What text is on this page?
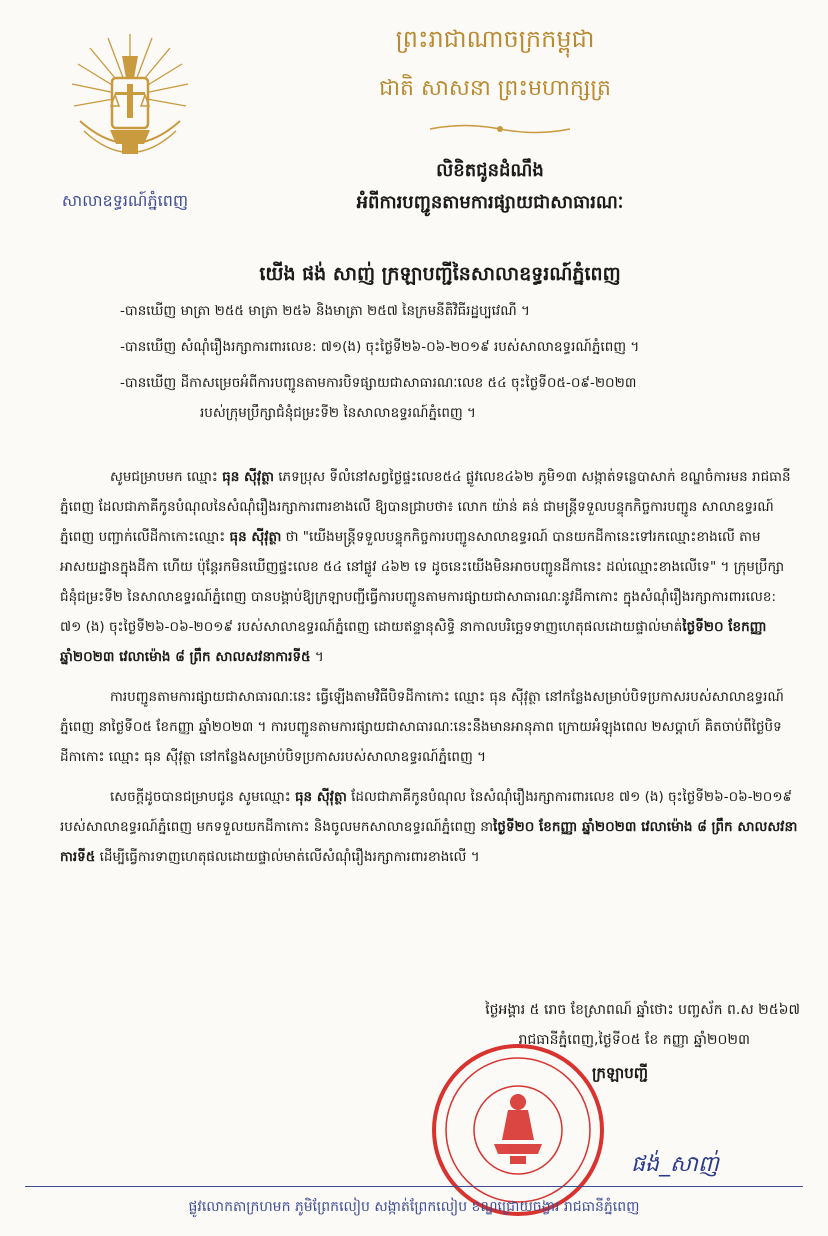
សាលាឧទ្ធរណ៍ភ្នំពេញ
ព្រះរាជាណាចក្រកម្ពុជា
ជាតិ សាសនា ព្រះមហាក្សត្រ
លិខិតជូនដំណឹង
អំពីការបញ្ជូនតាមការផ្សាយជាសាធារណៈ
យើង ផង់ សាញ់ ក្រឡាបញ្ជីនៃសាលាឧទ្ធរណ៍ភ្នំពេញ
-បានឃើញ មាត្រា ២៥៥ មាត្រា ២៥៦ និងមាត្រា ២៥៧ នៃក្រមនីតិវិធីរដ្ឋប្បវេណី ។
-បានឃើញ សំណុំរឿងរក្សាការពារលេខ: ៧១(ង) ចុះថ្ងៃទី២៦-០៦-២០១៩ របស់សាលាឧទ្ធរណ៍ភ្នំពេញ ។
-បានឃើញ ដីកាសម្រេចអំពីការបញ្ជូនតាមការបិទផ្សាយជាសាធារណៈលេខ ៥៤ ចុះថ្ងៃទី០៥-០៩-២០២៣
របស់ក្រុមប្រឹក្សាជំនុំជម្រះទី២ នៃសាលាឧទ្ធរណ៍ភ្នំពេញ ។

សូមជម្រាបមក ឈ្មោះ ធុន ស៊ីវុត្ថា ភេទប្រុស ទីលំនៅសព្វថ្ងៃផ្ទះលេខ៥៤ ផ្លូវលេខ៤៦២ ភូមិ១៣ សង្កាត់ទន្លេបាសាក់ ខណ្ឌចំការមន រាជធានីភ្នំពេញ ដែលជាភាគីកូនបំណុលនៃសំណុំរឿងរក្សាការពារខាងលើ ឱ្យបានជ្រាបថា៖ លោក យ៉ាន់ គន់ ជាមន្ត្រីទទួលបន្ទុកកិច្ចការបញ្ជូន សាលាឧទ្ធរណ៍ភ្នំពេញ បញ្ជាក់លើដីកាកោះឈ្មោះ ធុន ស៊ីវុត្ថា ថា "យើងមន្ត្រីទទួលបន្ទុកកិច្ចការបញ្ជូនសាលាឧទ្ធរណ៍ បានយកដីកានេះទៅរកឈ្មោះខាងលើ តាមអាសយដ្ឋានក្នុងដីកា ហើយ ប៉ុន្តែរកមិនឃើញផ្ទះលេខ ៥៤ នៅផ្លូវ ៤៦២ ទេ ដូចនេះយើងមិនអាចបញ្ជូនដីកានេះ ដល់ឈ្មោះខាងលើទេ" ។ ក្រុមប្រឹក្សាជំនុំជម្រះទី២ នៃសាលាឧទ្ធរណ៍ភ្នំពេញ បានបង្គាប់ឱ្យក្រឡាបញ្ជីធ្វើការបញ្ជូនតាមការផ្សាយជាសាធារណៈនូវដីកាកោះ ក្នុងសំណុំរឿងរក្សាការពារលេខ: ៧១ (ង) ចុះថ្ងៃទី២៦-០៦-២០១៩ របស់សាលាឧទ្ធរណ៍ភ្នំពេញ ដោយឥន្ទានុសិទ្ធិ នាកាលបរិច្ឆេទទាញហេតុផលដោយផ្ទាល់មាត់ថ្ងៃទី២០ ខែកញ្ញា ឆ្នាំ២០២៣ វេលាម៉ោង ៨ ព្រឹក សាលសវនាការទី៥ ។

ការបញ្ជូនតាមការផ្សាយជាសាធារណៈនេះ ធ្វើឡើងតាមវិធីបិទដីកាកោះ ឈ្មោះ ធុន ស៊ីវុត្ថា នៅកន្លែងសម្រាប់បិទប្រកាសរបស់សាលាឧទ្ធរណ៍ភ្នំពេញ នាថ្ងៃទី០៥ ខែកញ្ញា ឆ្នាំ២០២៣ ។ ការបញ្ជូនតាមការផ្សាយជាសាធារណៈនេះនឹងមានអានុភាព ក្រោយអំឡុងពេល ២សប្តាហ៍ គិតចាប់ពីថ្ងៃបិទដីកាកោះ ឈ្មោះ ធុន ស៊ីវុត្ថា នៅកន្លែងសម្រាប់បិទប្រកាសរបស់សាលាឧទ្ធរណ៍ភ្នំពេញ ។

សេចក្តីដូចបានជម្រាបជូន សូមឈ្មោះ ធុន ស៊ីវុត្ថា ដែលជាភាគីកូនបំណុល នៃសំណុំរឿងរក្សាការពារលេខ ៧១ (ង) ចុះថ្ងៃទី២៦-០៦-២០១៩ របស់សាលាឧទ្ធរណ៍ភ្នំពេញ មកទទួលយកដីកាកោះ និងចូលមកសាលាឧទ្ធរណ៍ភ្នំពេញ នាថ្ងៃទី២០ ខែកញ្ញា ឆ្នាំ២០២៣ វេលាម៉ោង ៨ ព្រឹក សាលសវនាការទី៥ ដើម្បីធ្វើការទាញហេតុផលដោយផ្ទាល់មាត់លើសំណុំរឿងរក្សាការពារខាងលើ ។

ថ្ងៃអង្គារ ៥ រោច ខែស្រាពណ៍ ឆ្នាំថោះ បញ្ចស័ក ព.ស ២៥៦៧
រាជធានីភ្នំពេញ,ថ្ងៃទី០៥ ខែ កញ្ញា ឆ្នាំ២០២៣
ក្រឡាបញ្ជី
ផង់_សាញ់
ផ្លូវលោកតាក្រហមក ភូមិព្រែកលៀប សង្កាត់ព្រែកលៀប ខណ្ឌជ្រោយចង្វារ រាជធានីភ្នំពេញ
